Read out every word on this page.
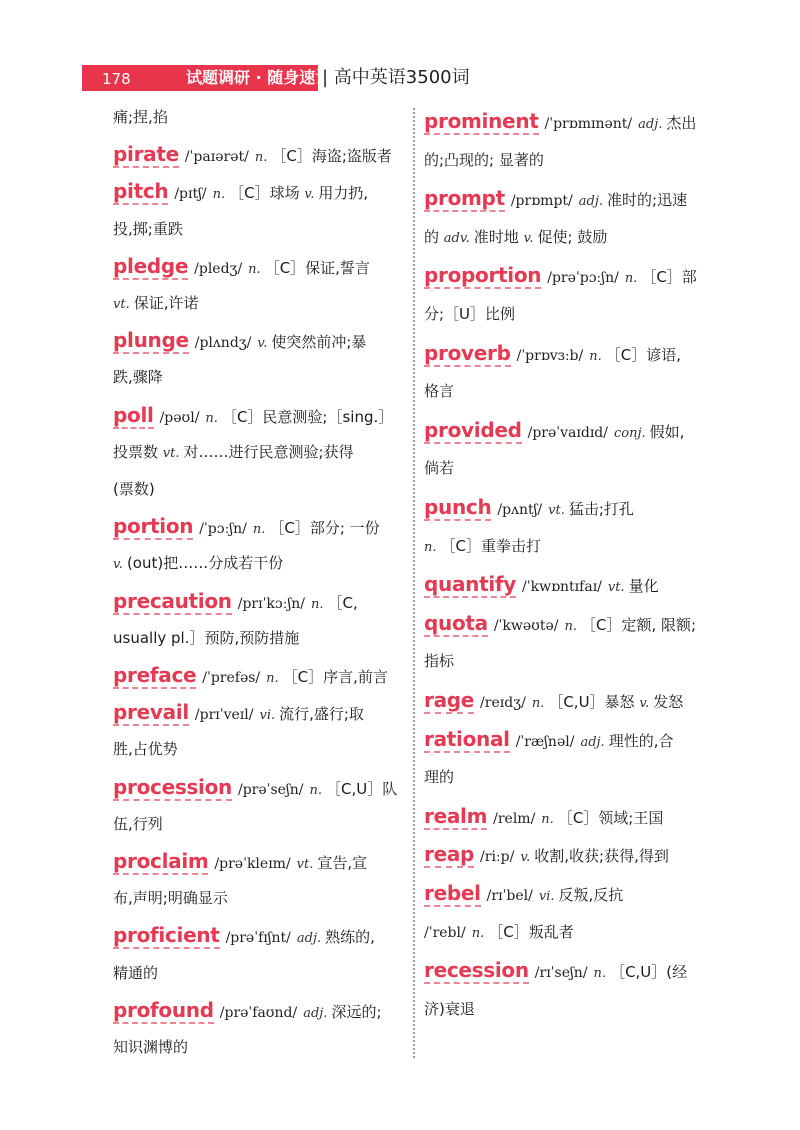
178	试题调研 · 随身速记
| 高中英语3500词
痛;捏,掐
pirate /ˈpaɪərət/ n. ［C］海盗;盗版者
pitch /pɪtʃ/ n. ［C］球场 v. 用力扔,
投,掷;重跌
pledge /pledʒ/ n. ［C］保证,誓言
vt. 保证,许诺
plunge /plʌndʒ/ v. 使突然前冲;暴
跌,骤降
poll /pəʊl/ n. ［C］民意测验;［sing.］
投票数 vt. 对……进行民意测验;获得
(票数)
portion /ˈpɔːʃn/ n. ［C］部分; 一份
v. (out)把……分成若干份
precaution /prɪˈkɔːʃn/ n. ［C,
usually pl.］预防,预防措施
preface /ˈprefəs/ n. ［C］序言,前言
prevail /prɪˈveɪl/ vi. 流行,盛行;取
胜,占优势
procession /prəˈseʃn/ n. ［C,U］队
伍,行列
proclaim /prəˈkleɪm/ vt. 宣告,宣
布,声明;明确显示
proficient /prəˈfɪʃnt/ adj. 熟练的,
精通的
profound /prəˈfaʊnd/ adj. 深远的;
知识渊博的
prominent /ˈprɒmɪnənt/ adj. 杰出
的;凸现的; 显著的
prompt /prɒmpt/ adj. 准时的;迅速
的 adv. 准时地 v. 促使; 鼓励
proportion /prəˈpɔːʃn/ n. ［C］部
分;［U］比例
proverb /ˈprɒvɜːb/ n. ［C］谚语,
格言
provided /prəˈvaɪdɪd/ conj. 假如,
倘若
punch /pʌntʃ/ vt. 猛击;打孔
n. ［C］重拳击打
quantify /ˈkwɒntɪfaɪ/ vt. 量化
quota /ˈkwəʊtə/ n. ［C］定额, 限额;
指标
rage /reɪdʒ/ n. ［C,U］暴怒 v. 发怒
rational /ˈræʃnəl/ adj. 理性的,合
理的
realm /relm/ n. ［C］领域;王国
reap /riːp/ v. 收割,收获;获得,得到
rebel /rɪˈbel/ vi. 反叛,反抗
/ˈrebl/ n. ［C］叛乱者
recession /rɪˈseʃn/ n. ［C,U］(经
济)衰退
